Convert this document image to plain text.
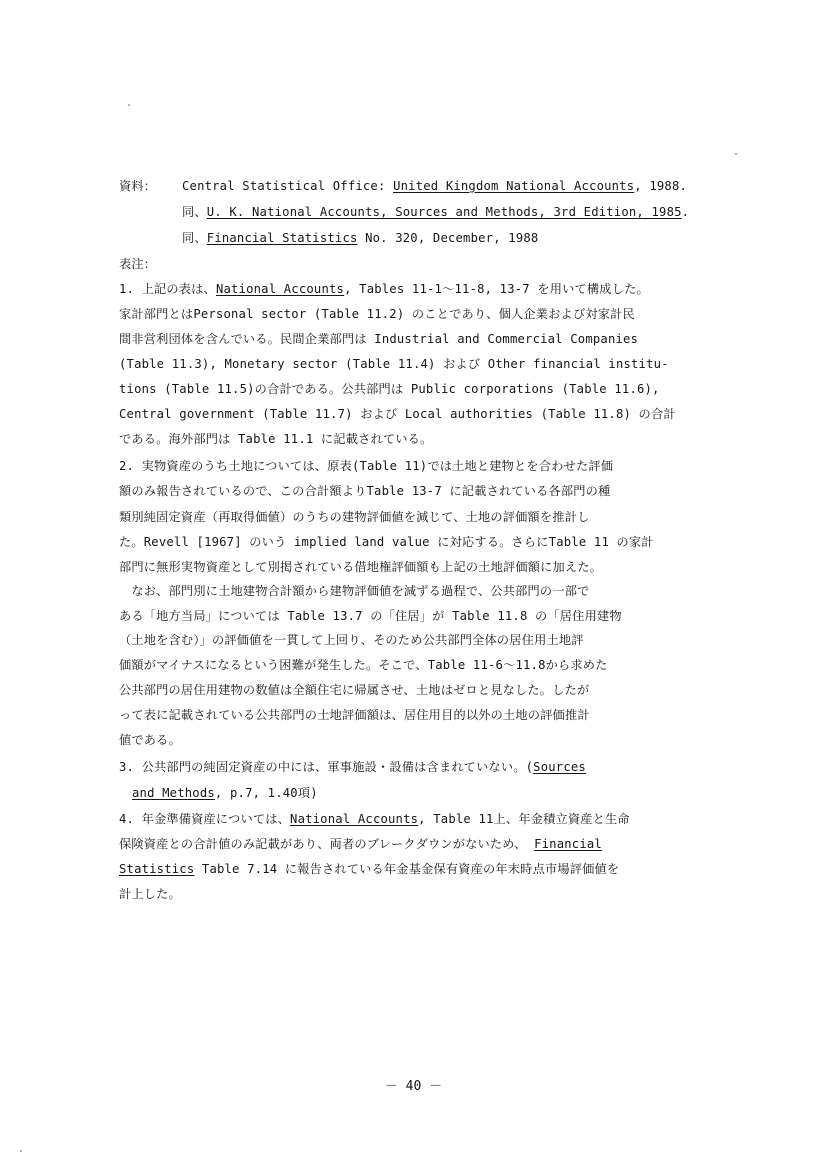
資料： Central Statistical Office: United Kingdom National Accounts, 1988.
同、U. K. National Accounts, Sources and Methods, 3rd Edition, 1985.
同、Financial Statistics No. 320, December, 1988
表注：
1. 上記の表は、National Accounts, Tables 11-1～11-8, 13-7 を用いて構成した。
家計部門とはPersonal sector (Table 11.2) のことであり、個人企業および対家計民
間非営利団体を含んでいる。民間企業部門は Industrial and Commercial Companies
(Table 11.3), Monetary sector (Table 11.4) および Other financial institu-
tions (Table 11.5)の合計である。公共部門は Public corporations (Table 11.6),
Central government (Table 11.7) および Local authorities (Table 11.8) の合計
である。海外部門は Table 11.1 に記載されている。
2. 実物資産のうち土地については、原表(Table 11)では土地と建物とを合わせた評価
額のみ報告されているので、この合計額よりTable 13-7 に記載されている各部門の種
類別純固定資産（再取得価値）のうちの建物評価値を減じて、土地の評価額を推計し
た。Revell [1967] のいう implied land value に対応する。さらにTable 11 の家計
部門に無形実物資産として別掲されている借地権評価額も上記の土地評価額に加えた。
　なお、部門別に土地建物合計額から建物評価値を減ずる過程で、公共部門の一部で
ある「地方当局」については Table 13.7 の「住居」が Table 11.8 の「居住用建物
（土地を含む）」の評価値を一貫して上回り、そのため公共部門全体の居住用土地評
価額がマイナスになるという困難が発生した。そこで、Table 11-6～11.8から求めた
公共部門の居住用建物の数値は全額住宅に帰属させ、土地はゼロと見なした。したが
って表に記載されている公共部門の土地評価額は、居住用目的以外の土地の評価推計
値である。
3. 公共部門の純固定資産の中には、軍事施設・設備は含まれていない。(Sources
and Methods, p.7, 1.40項)
4. 年金準備資産については、National Accounts, Table 11上、年金積立資産と生命
保険資産との合計値のみ記載があり、両者のブレークダウンがないため、 Financial
Statistics Table 7.14 に報告されている年金基金保有資産の年末時点市場評価値を
計上した。
－ 40 －
